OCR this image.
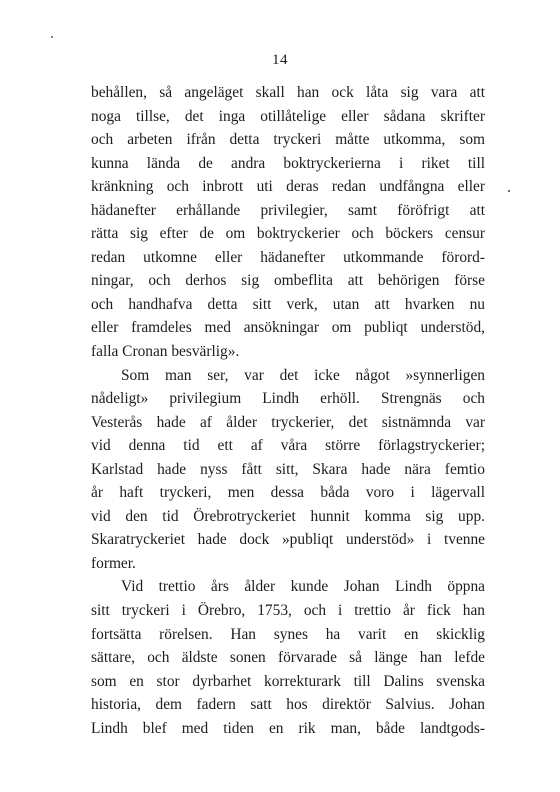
14
behållen, så angeläget skall han ock låta sig vara att
noga tillse, det inga otillåtelige eller sådana skrifter
och arbeten ifrån detta tryckeri måtte utkomma, som
kunna lända de andra boktryckerierna i riket till
kränkning och inbrott uti deras redan undfångna eller
hädanefter erhållande privilegier, samt föröfrigt att
rätta sig efter de om boktryckerier och böckers censur
redan utkomne eller hädanefter utkommande förord-
ningar, och derhos sig ombeflita att behörigen förse
och handhafva detta sitt verk, utan att hvarken nu
eller framdeles med ansökningar om publiqt understöd,
falla Cronan besvärlig».
Som man ser, var det icke något »synnerligen
nådeligt» privilegium Lindh erhöll. Strengnäs och
Vesterås hade af ålder tryckerier, det sistnämnda var
vid denna tid ett af våra större förlagstryckerier;
Karlstad hade nyss fått sitt, Skara hade nära femtio
år haft tryckeri, men dessa båda voro i lägervall
vid den tid Örebrotryckeriet hunnit komma sig upp.
Skaratryckeriet hade dock »publiqt understöd» i tvenne
former.
Vid trettio års ålder kunde Johan Lindh öppna
sitt tryckeri i Örebro, 1753, och i trettio år fick han
fortsätta rörelsen. Han synes ha varit en skicklig
sättare, och äldste sonen förvarade så länge han lefde
som en stor dyrbarhet korrekturark till Dalins svenska
historia, dem fadern satt hos direktör Salvius. Johan
Lindh blef med tiden en rik man, både landtgods-
